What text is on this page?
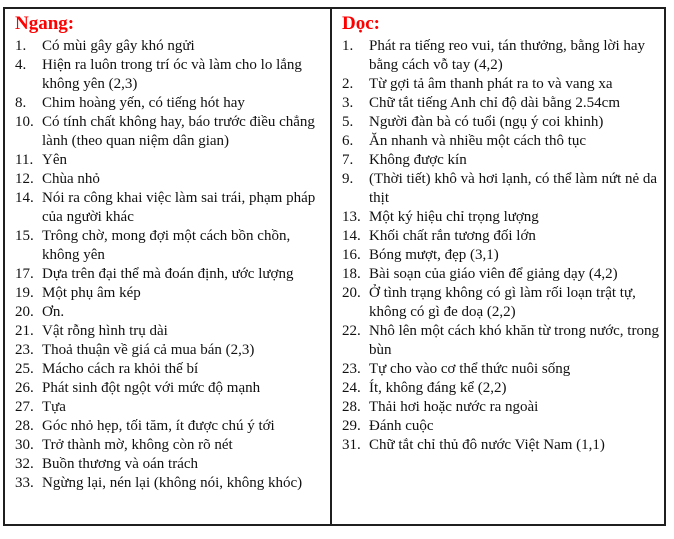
Ngang:
1.	Có mùi gây gây khó ngửi
4.	Hiện ra luôn trong trí óc và làm cho lo lắng không yên (2,3)
8.	Chim hoàng yến, có tiếng hót hay
10. Có tính chất không hay, báo trước điều chẳng lành (theo quan niệm dân gian)
11. Yên
12. Chùa nhỏ
14. Nói ra công khai việc làm sai trái, phạm pháp của người khác
15. Trông chờ, mong đợi một cách bồn chồn, không yên
17. Dựa trên đại thể mà đoán định, ước lượng
19. Một phụ âm kép
20. Ơn.
21. Vật rỗng hình trụ dài
23. Thoả thuận về giá cả mua bán (2,3)
25. Mácho cách ra khỏi thế bí
26. Phát sinh đột ngột với mức độ mạnh
27. Tựa
28. Góc nhỏ hẹp, tối tăm, ít được chú ý tới
30. Trở thành mờ, không còn rõ nét
32. Buồn thương và oán trách
33. Ngừng lại, nén lại (không nói, không khóc)
Dọc:
1.	Phát ra tiếng reo vui, tán thưởng, bằng lời hay bằng cách vỗ tay (4,2)
2.	Từ gợi tả âm thanh phát ra to và vang xa
3.	Chữ tắt tiếng Anh chỉ độ dài bằng 2.54cm
5.	Người đàn bà có tuổi (ngụ ý coi khinh)
6.	Ăn nhanh và nhiều một cách thô tục
7.	Không được kín
9.	(Thời tiết) khô và hơi lạnh, có thể làm nứt nẻ da thịt
13. Một ký hiệu chỉ trọng lượng
14. Khối chất rắn tương đối lớn
16. Bóng mượt, đẹp (3,1)
18. Bài soạn của giáo viên để giảng dạy (4,2)
20. Ở tình trạng không có gì làm rối loạn trật tự, không có gì đe doạ (2,2)
22. Nhô lên một cách khó khăn từ trong nước, trong bùn
23. Tự cho vào cơ thể thức nuôi sống
24. Ít, không đáng kể (2,2)
28. Thải hơi hoặc nước ra ngoài
29. Đánh cuộc
31. Chữ tắt chỉ thủ đô nước Việt Nam (1,1)
